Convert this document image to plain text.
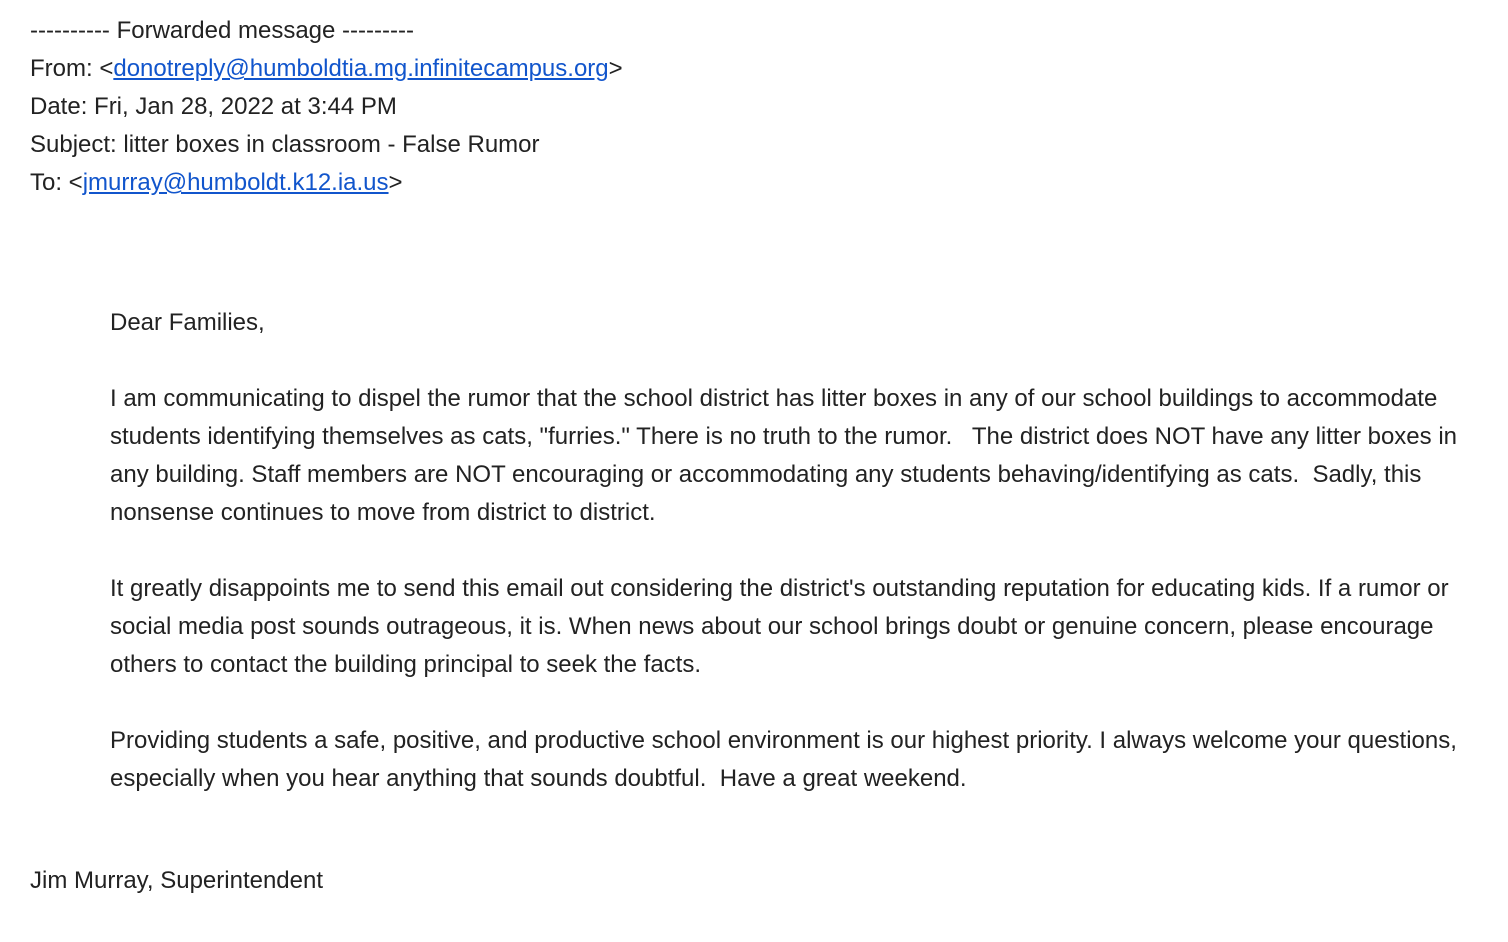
---------- Forwarded message ---------
From: <donotreply@humboldtia.mg.infinitecampus.org>
Date: Fri, Jan 28, 2022 at 3:44 PM
Subject: litter boxes in classroom - False Rumor
To: <jmurray@humboldt.k12.ia.us>
Dear Families,
I am communicating to dispel the rumor that the school district has litter boxes in any of our school buildings to accommodate students identifying themselves as cats, "furries." There is no truth to the rumor.   The district does NOT have any litter boxes in any building. Staff members are NOT encouraging or accommodating any students behaving/identifying as cats.  Sadly, this nonsense continues to move from district to district.
It greatly disappoints me to send this email out considering the district's outstanding reputation for educating kids. If a rumor or social media post sounds outrageous, it is. When news about our school brings doubt or genuine concern, please encourage others to contact the building principal to seek the facts.
Providing students a safe, positive, and productive school environment is our highest priority. I always welcome your questions, especially when you hear anything that sounds doubtful.  Have a great weekend.
Jim Murray, Superintendent
